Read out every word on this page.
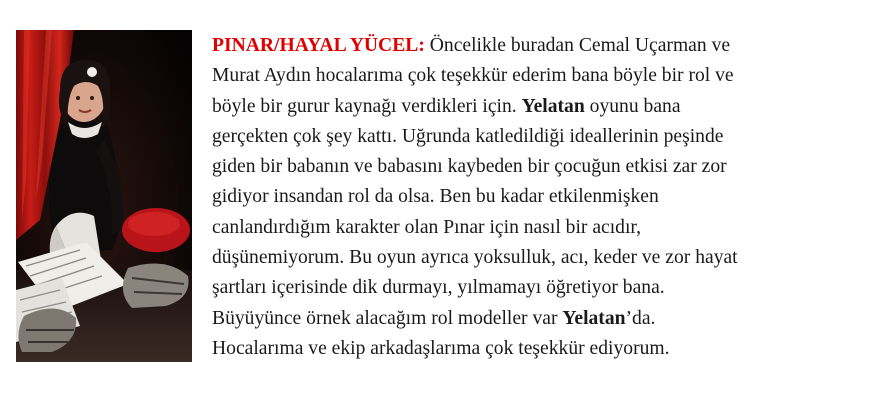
PINAR/HAYAL YÜCEL: Öncelikle buradan Cemal Uçarman ve
Murat Aydın hocalarıma çok teşekkür ederim bana böyle bir rol ve
böyle bir gurur kaynağı verdikleri için. Yelatan oyunu bana
gerçekten çok şey kattı. Uğrunda katledildiği ideallerinin peşinde
giden bir babanın ve babasını kaybeden bir çocuğun etkisi zar zor
gidiyor insandan rol da olsa. Ben bu kadar etkilenmişken
canlandırdığım karakter olan Pınar için nasıl bir acıdır,
düşünemiyorum. Bu oyun ayrıca yoksulluk, acı, keder ve zor hayat
şartları içerisinde dik durmayı, yılmamayı öğretiyor bana.
Büyüyünce örnek alacağım rol modeller var Yelatan’da.
Hocalarıma ve ekip arkadaşlarıma çok teşekkür ediyorum.
